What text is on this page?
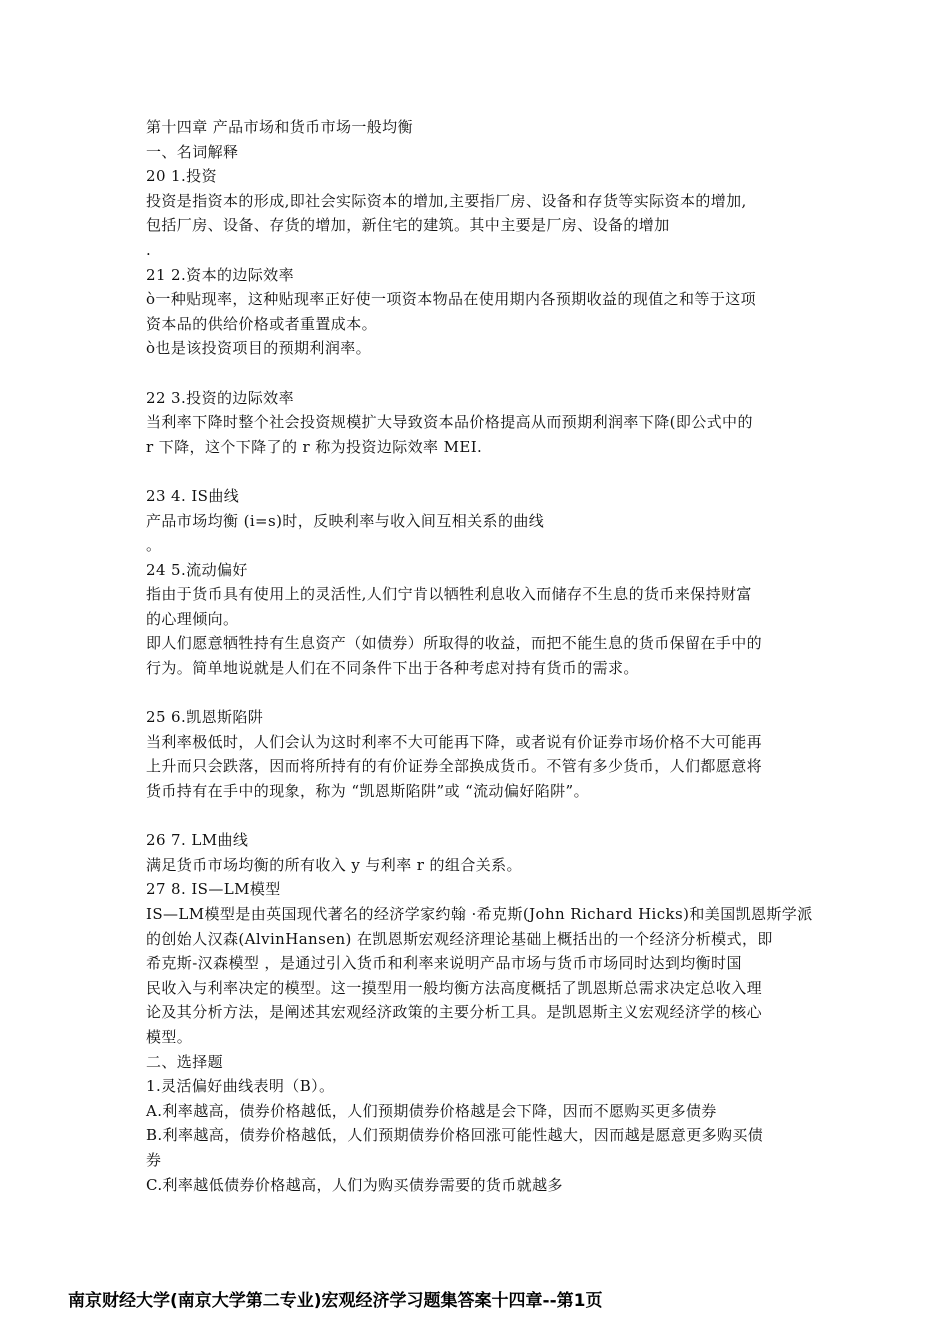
第十四章 产品市场和货币市场一般均衡
一、名词解释
20 1.投资
投资是指资本的形成,即社会实际资本的增加,主要指厂房、设备和存货等实际资本的增加,
包括厂房、设备、存货的增加，新住宅的建筑。其中主要是厂房、设备的增加
.
21 2.资本的边际效率
ò一种贴现率，这种贴现率正好使一项资本物品在使用期内各预期收益的现值之和等于这项
资本品的供给价格或者重置成本。
ò也是该投资项目的预期利润率。
22 3.投资的边际效率
当利率下降时整个社会投资规模扩大导致资本品价格提高从而预期利润率下降(即公式中的
r 下降，这个下降了的 r 称为投资边际效率 MEI.
23 4. IS曲线
产品市场均衡 (i=s)时，反映利率与收入间互相关系的曲线
。
24 5.流动偏好
指由于货币具有使用上的灵活性,人们宁肯以牺牲利息收入而储存不生息的货币来保持财富
的心理倾向。
即人们愿意牺牲持有生息资产（如债券）所取得的收益，而把不能生息的货币保留在手中的
行为。简单地说就是人们在不同条件下出于各种考虑对持有货币的需求。
25 6.凯恩斯陷阱
当利率极低时，人们会认为这时利率不大可能再下降，或者说有价证券市场价格不大可能再
上升而只会跌落，因而将所持有的有价证券全部换成货币。不管有多少货币，人们都愿意将
货币持有在手中的现象，称为 “凯恩斯陷阱”或 “流动偏好陷阱”。
26 7. LM曲线
满足货币市场均衡的所有收入 y 与利率 r 的组合关系。
27 8. IS—LM模型
IS—LM模型是由英国现代著名的经济学家约翰 ·希克斯(John Richard Hicks)和美国凯恩斯学派
的创始人汉森(AlvinHansen) 在凯恩斯宏观经济理论基础上概括出的一个经济分析模式，即
希克斯-汉森模型 ，是通过引入货币和利率来说明产品市场与货币市场同时达到均衡时国
民收入与利率决定的模型。这一摸型用一般均衡方法高度概括了凯恩斯总需求决定总收入理
论及其分析方法，是阐述其宏观经济政策的主要分析工具。是凯恩斯主义宏观经济学的核心
模型。
二、选择题
1.灵活偏好曲线表明（B）。
A.利率越高，债券价格越低，人们预期债券价格越是会下降，因而不愿购买更多债券
B.利率越高，债券价格越低，人们预期债券价格回涨可能性越大，因而越是愿意更多购买债
券
C.利率越低债券价格越高，人们为购买债券需要的货币就越多
南京财经大学(南京大学第二专业)宏观经济学习题集答案十四章--第1页
